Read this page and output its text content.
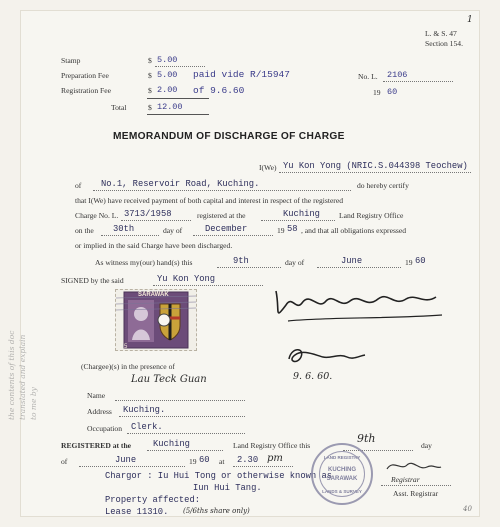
L. & S. 47
Section 154.
1
Stamp	$ 5.00
Preparation Fee	$ 5.00 paid vide R/15947
Registration Fee	$ 2.00 of 9.6.60
Total	$ 12.00
No. L. 2106
19 60
MEMORANDUM OF DISCHARGE OF CHARGE
I(We) Yu Kon Yong (NRIC.S.044398 Teochew)
of No.1, Reservoir Road, Kuching.	do hereby certify
that I(We) have received payment of both capital and interest in respect of the registered
Charge No. L. 3713/1958	registered at the	Kuching	Land Registry Office
on the 30th	day of	December	19 58 , and that all obligations expressed
or implied in the said Charge have been discharged.
As witness my(our) hand(s) this	9th	day of	June	19 60
SIGNED by the said	Yu Kon Yong
5
SARAWAK
(Chargee)(s) in the presence of
Lau Teck Guan
Name
Address Kuching.
Occupation Clerk.
9. 6. 60.
REGISTERED at the Kuching	Land Registry Office this
9th
day
of	June	19 60 at 2.30 pm
Chargor : Iu Hui Tong or otherwise known as
Iun Hui Tang.
Property affected:
Lease 11310. (5/6ths share only)
LAND REGISTRY
KUCHING
SARAWAK
LANDS & SURVEY
Registrar
Asst. Registrar
40
the contents of this doc translated and explain to me by
